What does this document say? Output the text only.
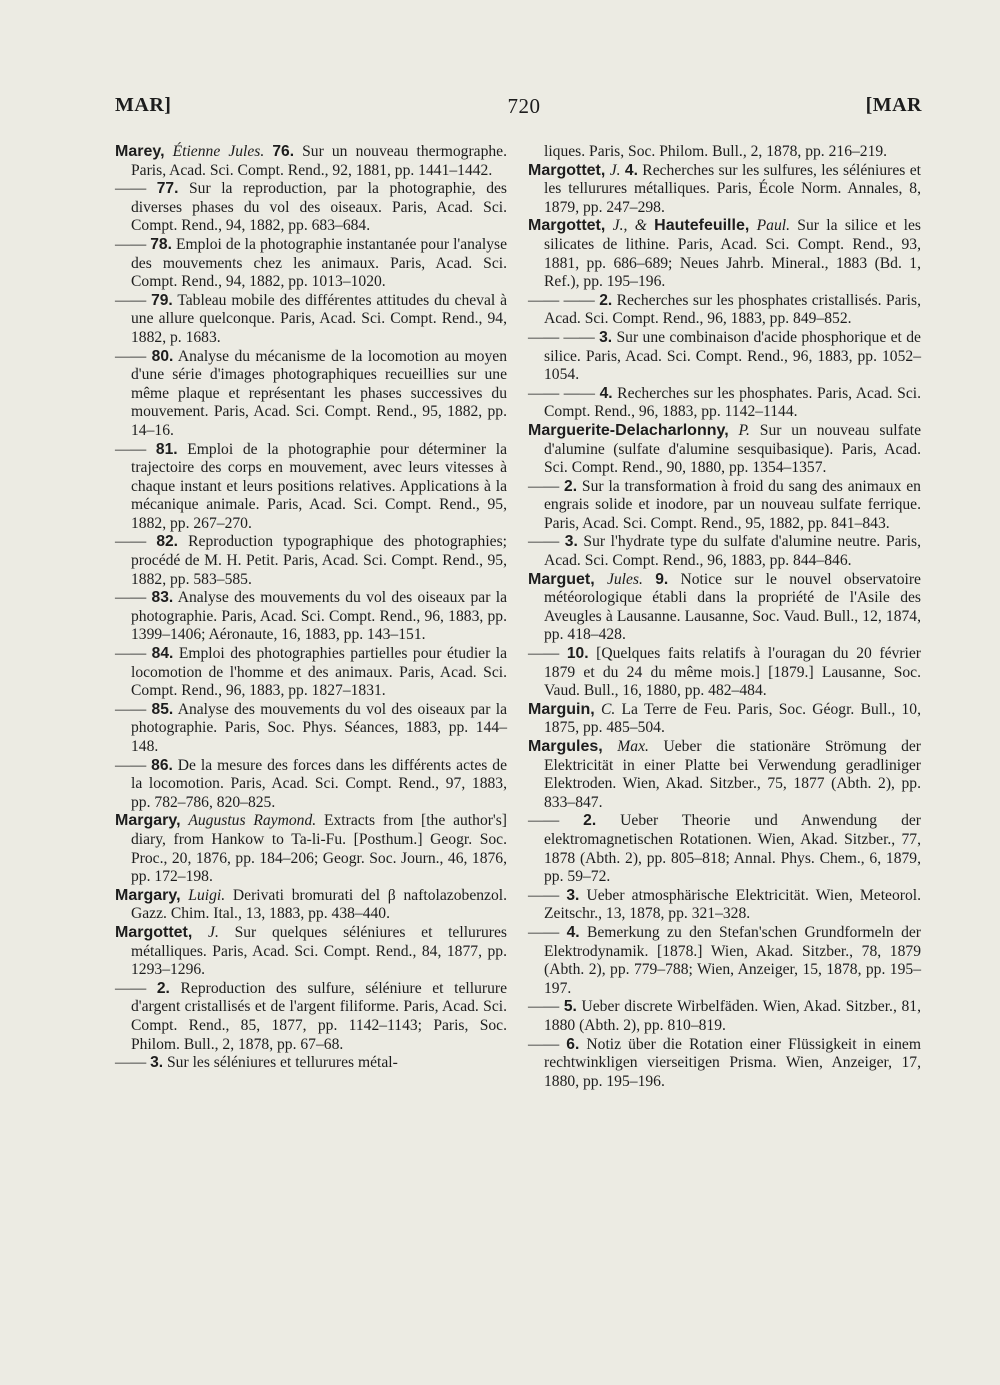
MAR]	720	[MAR

Marey, Étienne Jules. 76. Sur un nouveau thermographe. Paris, Acad. Sci. Compt. Rend., 92, 1881, pp. 1441–1442.

—— 77. Sur la reproduction, par la photographie, des diverses phases du vol des oiseaux. Paris, Acad. Sci. Compt. Rend., 94, 1882, pp. 683–684.

—— 78. Emploi de la photographie instantanée pour l'analyse des mouvements chez les animaux. Paris, Acad. Sci. Compt. Rend., 94, 1882, pp. 1013–1020.

—— 79. Tableau mobile des différentes attitudes du cheval à une allure quelconque. Paris, Acad. Sci. Compt. Rend., 94, 1882, p. 1683.

—— 80. Analyse du mécanisme de la locomotion au moyen d'une série d'images photographiques recueillies sur une même plaque et représentant les phases successives du mouvement. Paris, Acad. Sci. Compt. Rend., 95, 1882, pp. 14–16.

—— 81. Emploi de la photographie pour déterminer la trajectoire des corps en mouvement, avec leurs vitesses à chaque instant et leurs positions relatives. Applications à la mécanique animale. Paris, Acad. Sci. Compt. Rend., 95, 1882, pp. 267–270.

—— 82. Reproduction typographique des photographies; procédé de M. H. Petit. Paris, Acad. Sci. Compt. Rend., 95, 1882, pp. 583–585.

—— 83. Analyse des mouvements du vol des oiseaux par la photographie. Paris, Acad. Sci. Compt. Rend., 96, 1883, pp. 1399–1406; Aéronaute, 16, 1883, pp. 143–151.

—— 84. Emploi des photographies partielles pour étudier la locomotion de l'homme et des animaux. Paris, Acad. Sci. Compt. Rend., 96, 1883, pp. 1827–1831.

—— 85. Analyse des mouvements du vol des oiseaux par la photographie. Paris, Soc. Phys. Séances, 1883, pp. 144–148.

—— 86. De la mesure des forces dans les différents actes de la locomotion. Paris, Acad. Sci. Compt. Rend., 97, 1883, pp. 782–786, 820–825.

Margary, Augustus Raymond. Extracts from [the author's] diary, from Hankow to Ta-li-Fu. [Posthum.] Geogr. Soc. Proc., 20, 1876, pp. 184–206; Geogr. Soc. Journ., 46, 1876, pp. 172–198.

Margary, Luigi. Derivati bromurati del β naftolazobenzol. Gazz. Chim. Ital., 13, 1883, pp. 438–440.

Margottet, J. Sur quelques séléniures et tellurures métalliques. Paris, Acad. Sci. Compt. Rend., 84, 1877, pp. 1293–1296.

—— 2. Reproduction des sulfure, séléniure et tellurure d'argent cristallisés et de l'argent filiforme. Paris, Acad. Sci. Compt. Rend., 85, 1877, pp. 1142–1143; Paris, Soc. Philom. Bull., 2, 1878, pp. 67–68.

—— 3. Sur les séléniures et tellurures métal-

liques. Paris, Soc. Philom. Bull., 2, 1878, pp. 216–219.

Margottet, J. 4. Recherches sur les sulfures, les séléniures et les tellurures métalliques. Paris, École Norm. Annales, 8, 1879, pp. 247–298.

Margottet, J., & Hautefeuille, Paul. Sur la silice et les silicates de lithine. Paris, Acad. Sci. Compt. Rend., 93, 1881, pp. 686–689; Neues Jahrb. Mineral., 1883 (Bd. 1, Ref.), pp. 195–196.

—— —— 2. Recherches sur les phosphates cristallisés. Paris, Acad. Sci. Compt. Rend., 96, 1883, pp. 849–852.

—— —— 3. Sur une combinaison d'acide phosphorique et de silice. Paris, Acad. Sci. Compt. Rend., 96, 1883, pp. 1052–1054.

—— —— 4. Recherches sur les phosphates. Paris, Acad. Sci. Compt. Rend., 96, 1883, pp. 1142–1144.

Marguerite-Delacharlonny, P. Sur un nouveau sulfate d'alumine (sulfate d'alumine sesquibasique). Paris, Acad. Sci. Compt. Rend., 90, 1880, pp. 1354–1357.

—— 2. Sur la transformation à froid du sang des animaux en engrais solide et inodore, par un nouveau sulfate ferrique. Paris, Acad. Sci. Compt. Rend., 95, 1882, pp. 841–843.

—— 3. Sur l'hydrate type du sulfate d'alumine neutre. Paris, Acad. Sci. Compt. Rend., 96, 1883, pp. 844–846.

Marguet, Jules. 9. Notice sur le nouvel observatoire météorologique établi dans la propriété de l'Asile des Aveugles à Lausanne. Lausanne, Soc. Vaud. Bull., 12, 1874, pp. 418–428.

—— 10. [Quelques faits relatifs à l'ouragan du 20 février 1879 et du 24 du même mois.] [1879.] Lausanne, Soc. Vaud. Bull., 16, 1880, pp. 482–484.

Marguin, C. La Terre de Feu. Paris, Soc. Géogr. Bull., 10, 1875, pp. 485–504.

Margules, Max. Ueber die stationäre Strömung der Elektricität in einer Platte bei Verwendung geradliniger Elektroden. Wien, Akad. Sitzber., 75, 1877 (Abth. 2), pp. 833–847.

—— 2. Ueber Theorie und Anwendung der elektromagnetischen Rotationen. Wien, Akad. Sitzber., 77, 1878 (Abth. 2), pp. 805–818; Annal. Phys. Chem., 6, 1879, pp. 59–72.

—— 3. Ueber atmosphärische Elektricität. Wien, Meteorol. Zeitschr., 13, 1878, pp. 321–328.

—— 4. Bemerkung zu den Stefan'schen Grundformeln der Elektrodynamik. [1878.] Wien, Akad. Sitzber., 78, 1879 (Abth. 2), pp. 779–788; Wien, Anzeiger, 15, 1878, pp. 195–197.

—— 5. Ueber discrete Wirbelfäden. Wien, Akad. Sitzber., 81, 1880 (Abth. 2), pp. 810–819.

—— 6. Notiz über die Rotation einer Flüssigkeit in einem rechtwinkligen vierseitigen Prisma. Wien, Anzeiger, 17, 1880, pp. 195–196.
